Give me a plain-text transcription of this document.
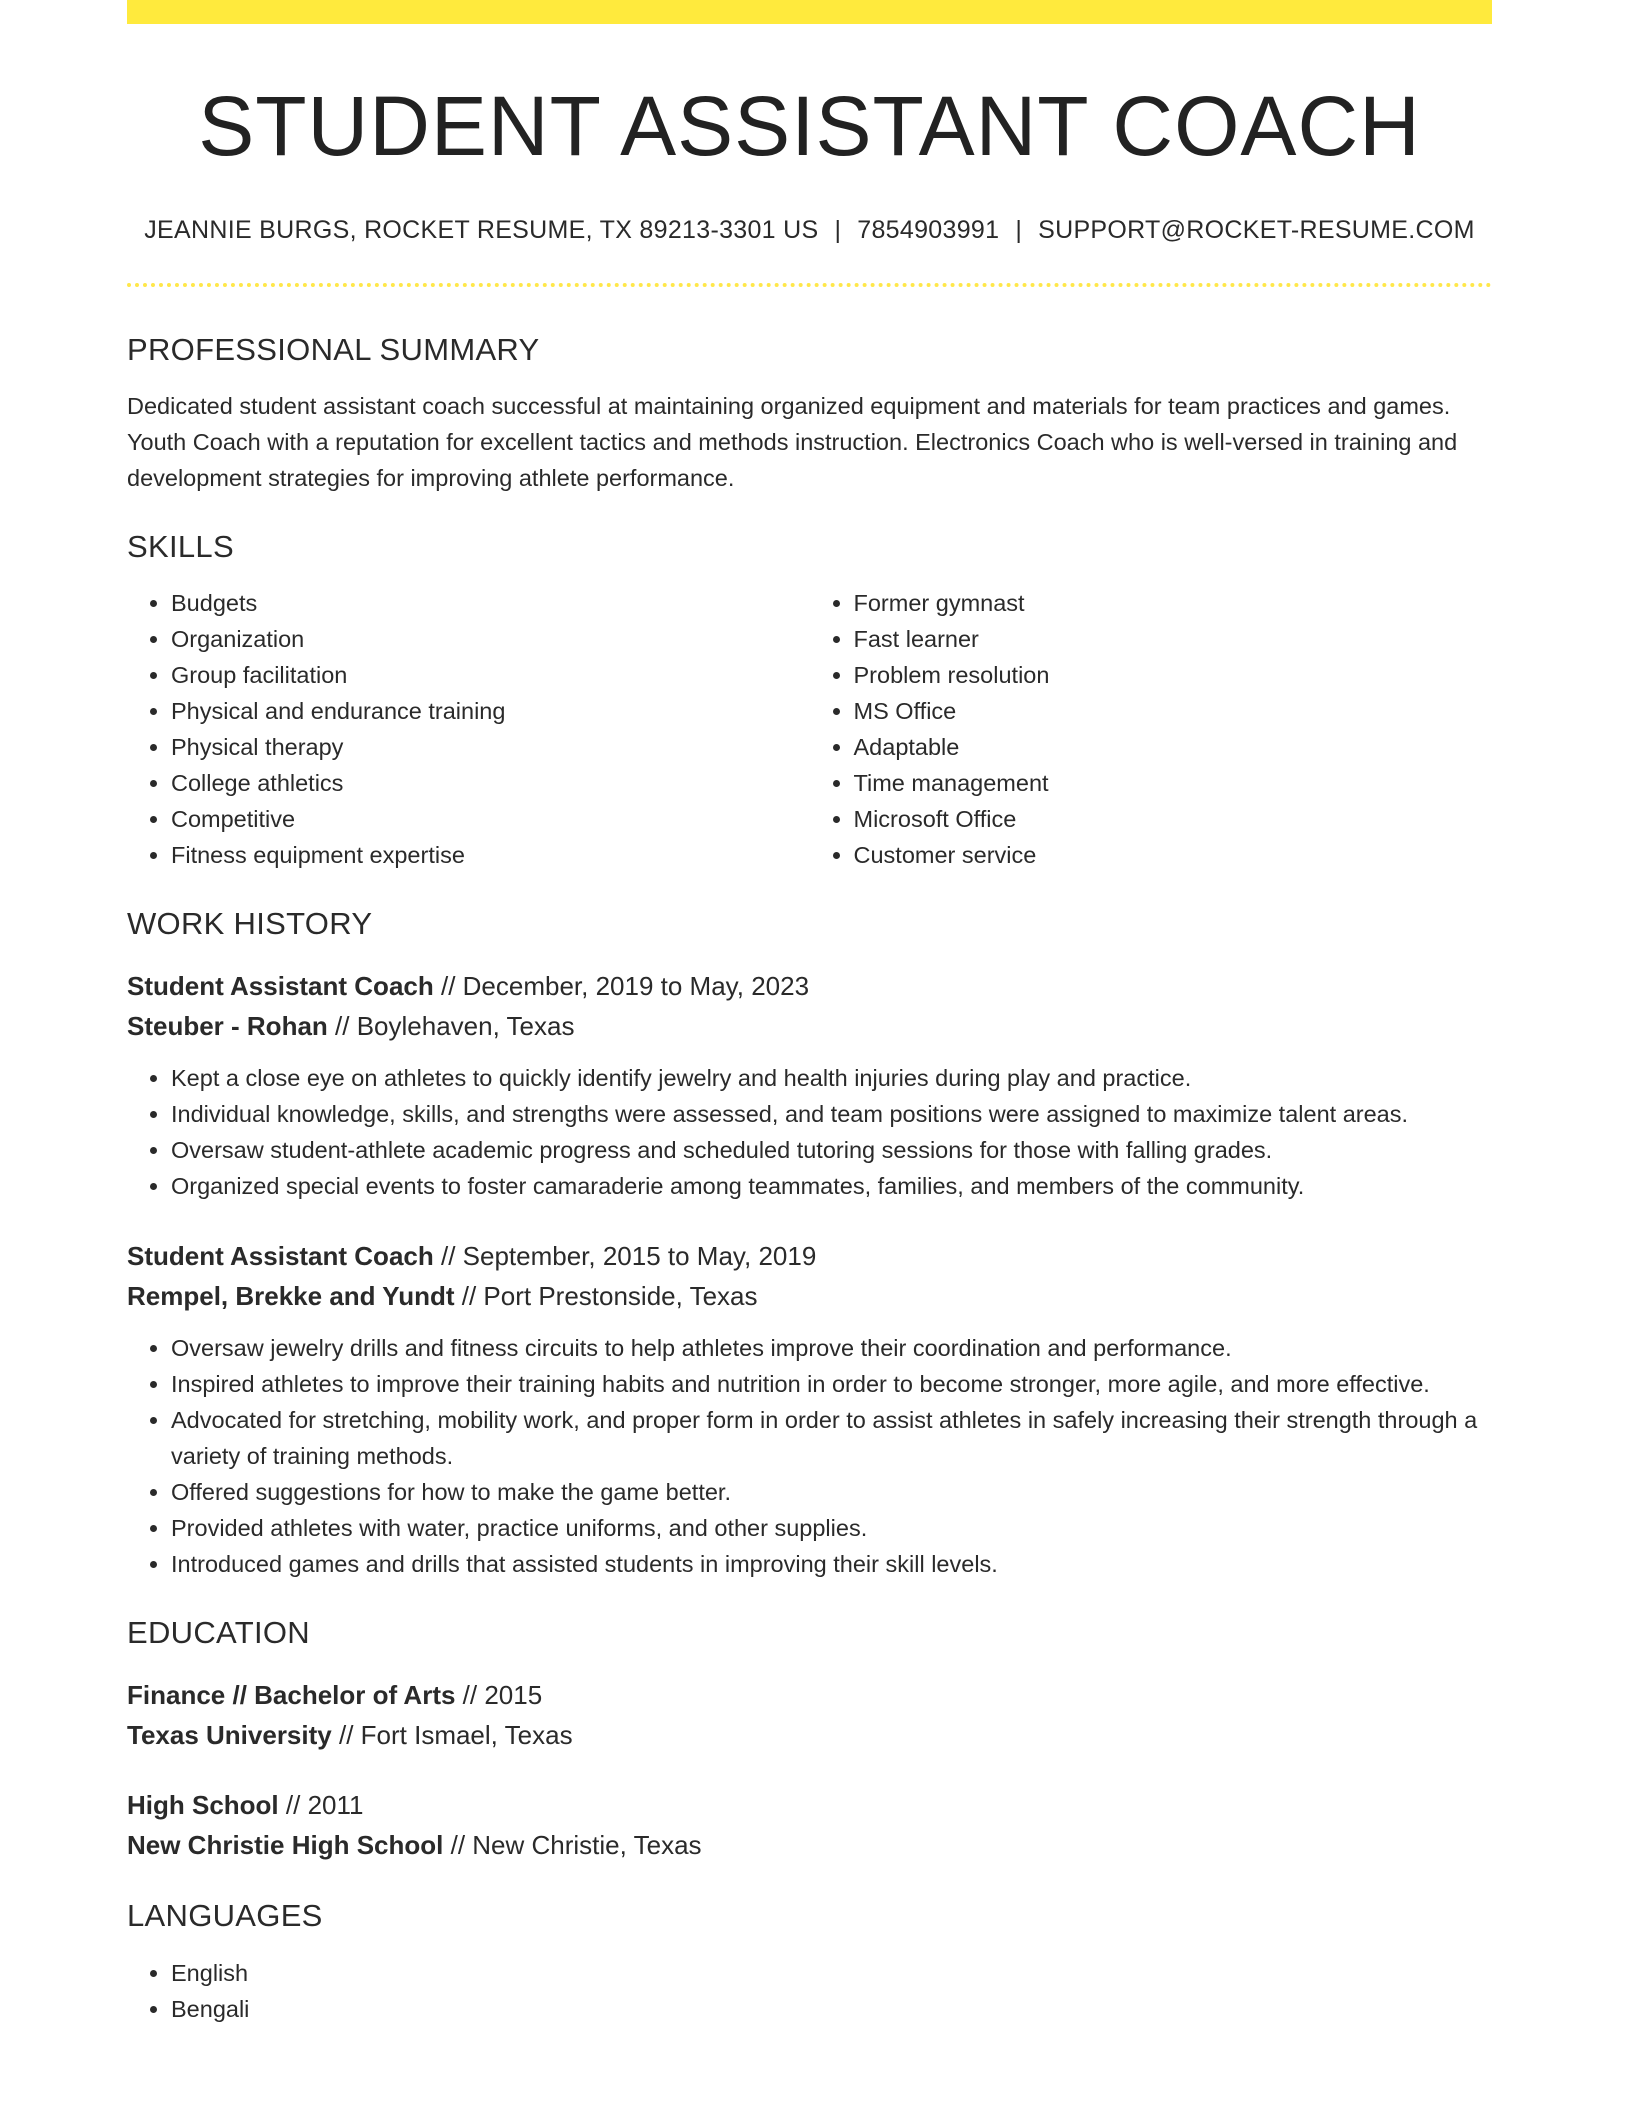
STUDENT ASSISTANT COACH
JEANNIE BURGS, ROCKET RESUME, TX 89213-3301 US | 7854903991 | SUPPORT@ROCKET-RESUME.COM
PROFESSIONAL SUMMARY
Dedicated student assistant coach successful at maintaining organized equipment and materials for team practices and games. Youth Coach with a reputation for excellent tactics and methods instruction. Electronics Coach who is well-versed in training and development strategies for improving athlete performance.
SKILLS
• Budgets
• Organization
• Group facilitation
• Physical and endurance training
• Physical therapy
• College athletics
• Competitive
• Fitness equipment expertise
• Former gymnast
• Fast learner
• Problem resolution
• MS Office
• Adaptable
• Time management
• Microsoft Office
• Customer service
WORK HISTORY
Student Assistant Coach // December, 2019 to May, 2023
Steuber - Rohan // Boylehaven, Texas
• Kept a close eye on athletes to quickly identify jewelry and health injuries during play and practice.
• Individual knowledge, skills, and strengths were assessed, and team positions were assigned to maximize talent areas.
• Oversaw student-athlete academic progress and scheduled tutoring sessions for those with falling grades.
• Organized special events to foster camaraderie among teammates, families, and members of the community.
Student Assistant Coach // September, 2015 to May, 2019
Rempel, Brekke and Yundt // Port Prestonside, Texas
• Oversaw jewelry drills and fitness circuits to help athletes improve their coordination and performance.
• Inspired athletes to improve their training habits and nutrition in order to become stronger, more agile, and more effective.
• Advocated for stretching, mobility work, and proper form in order to assist athletes in safely increasing their strength through a variety of training methods.
• Offered suggestions for how to make the game better.
• Provided athletes with water, practice uniforms, and other supplies.
• Introduced games and drills that assisted students in improving their skill levels.
EDUCATION
Finance // Bachelor of Arts // 2015
Texas University // Fort Ismael, Texas
High School // 2011
New Christie High School // New Christie, Texas
LANGUAGES
• English
• Bengali
